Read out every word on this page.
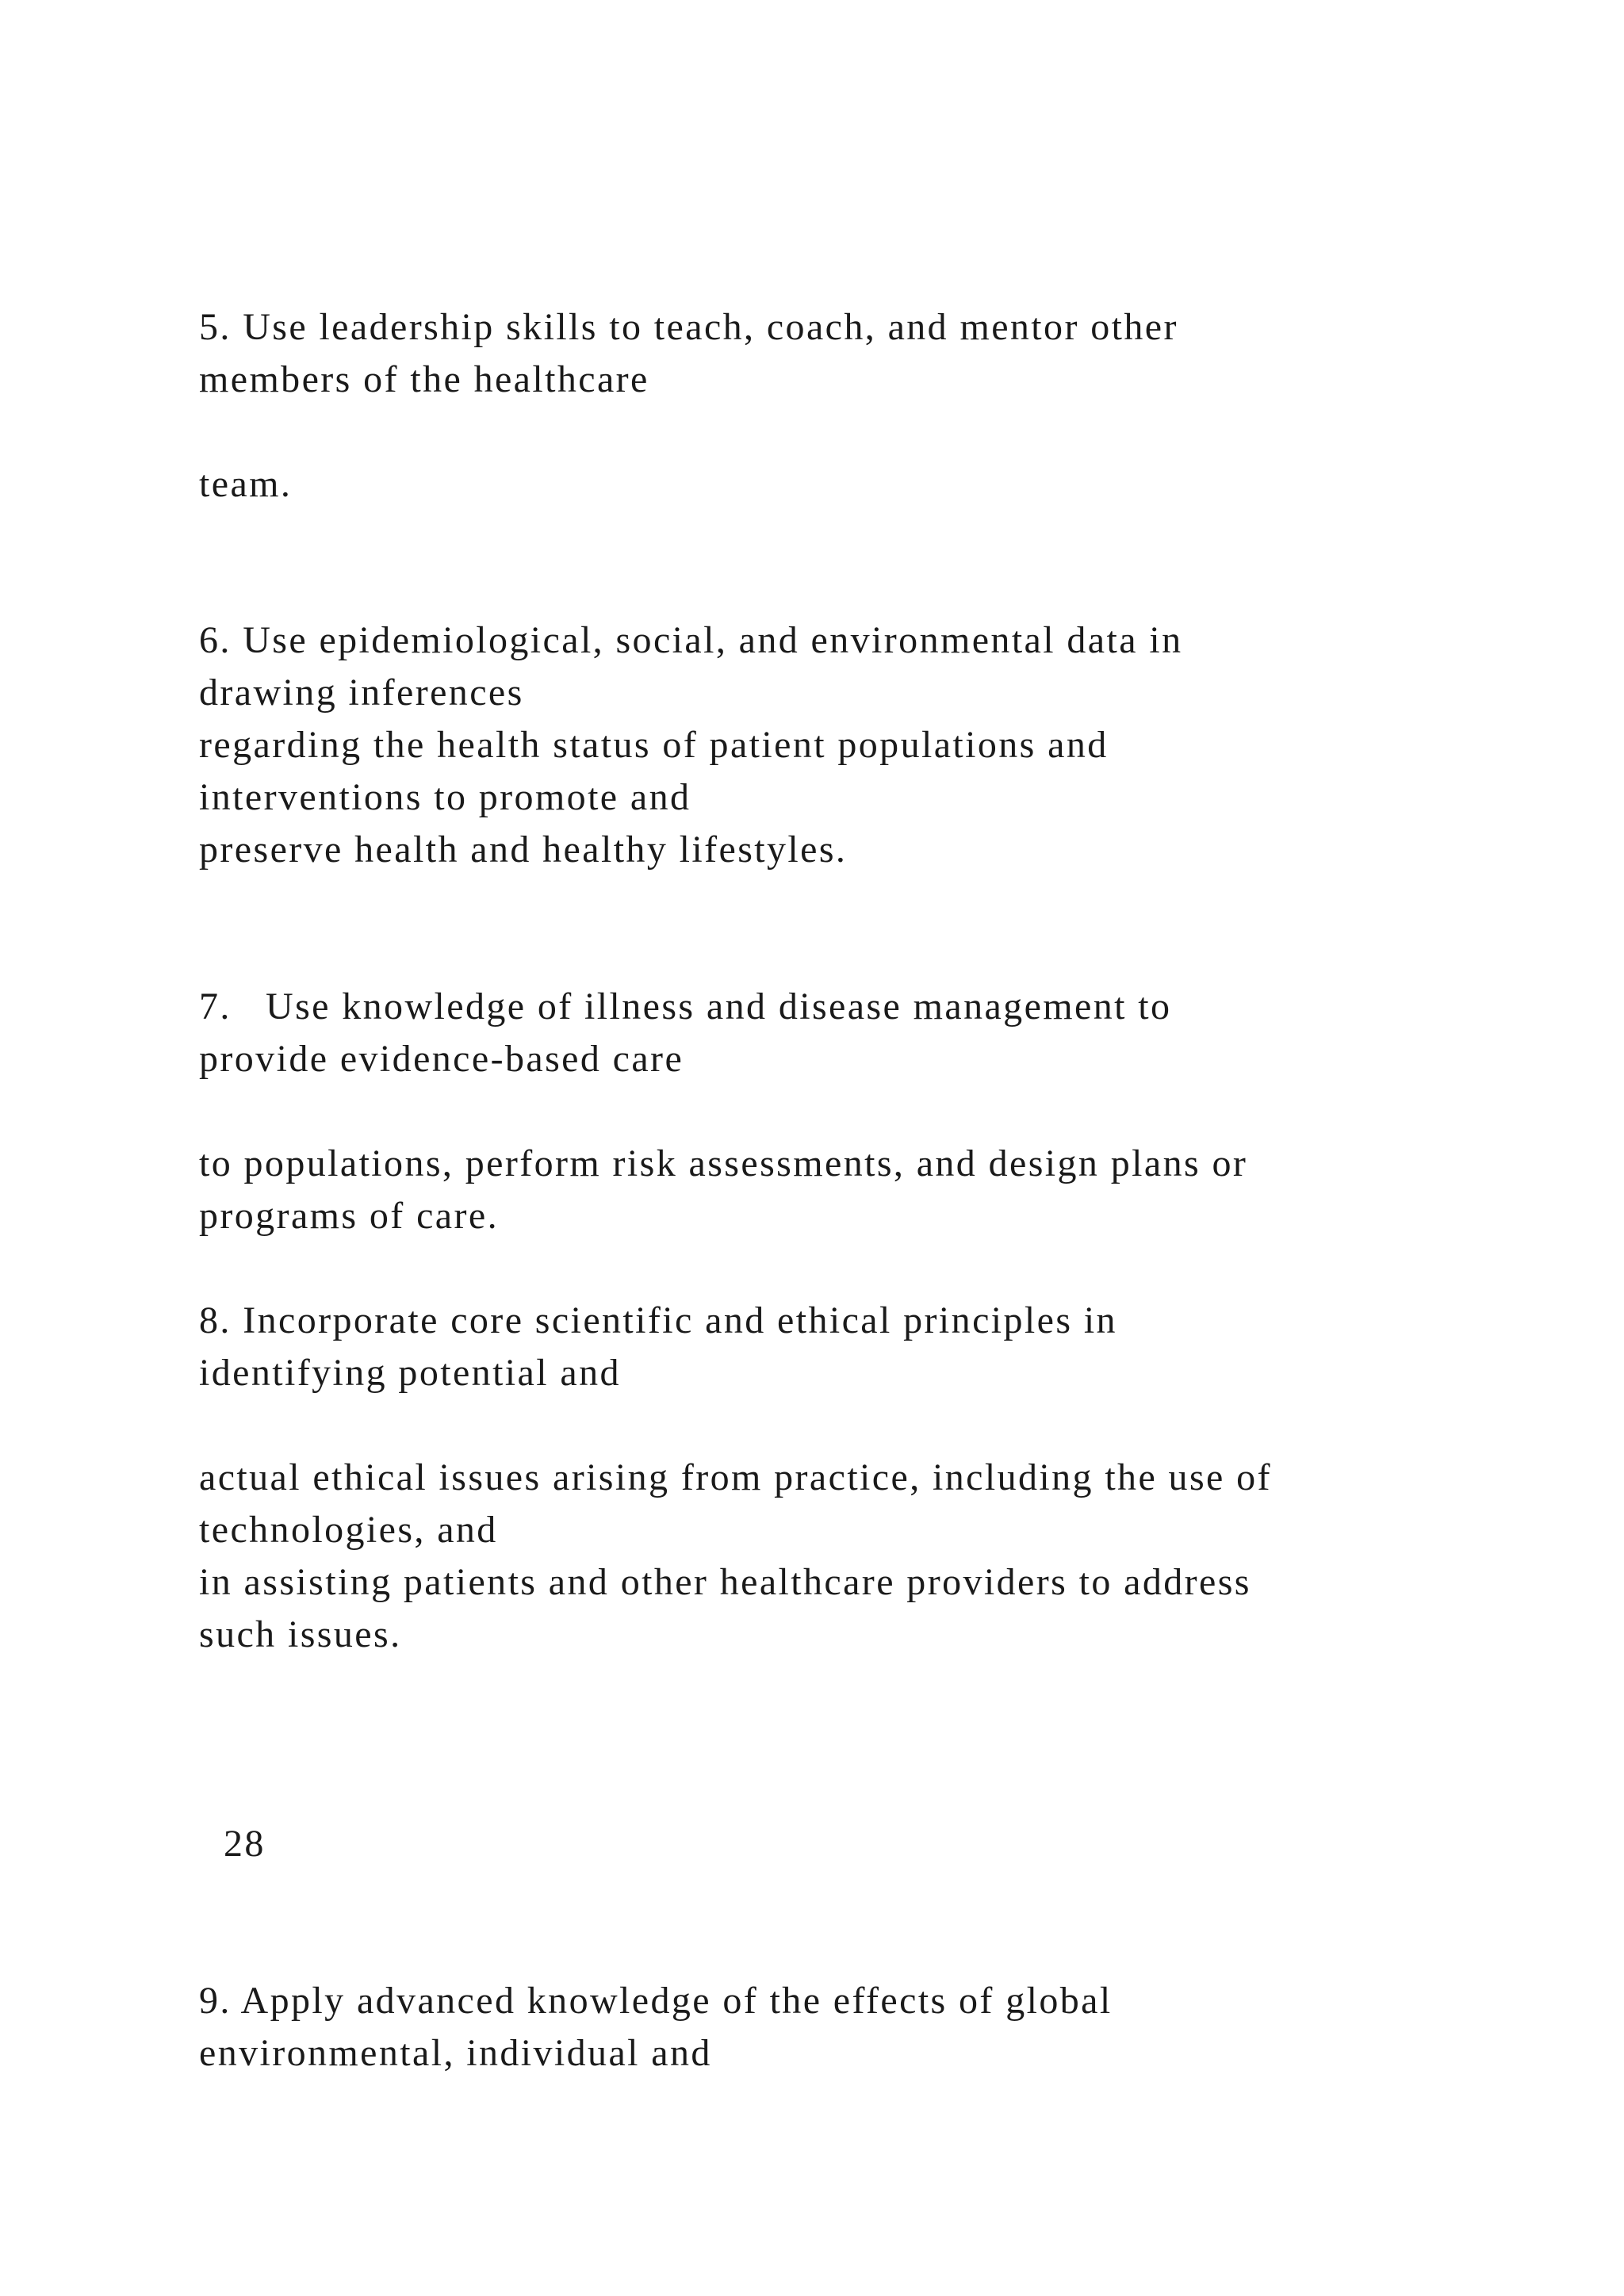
5. Use leadership skills to teach, coach, and mentor other

members of the healthcare

team.

6. Use epidemiological, social, and environmental data in

drawing inferences

regarding the health status of patient populations and

interventions to promote and

preserve health and healthy lifestyles.

7.   Use knowledge of illness and disease management to

provide evidence-based care

to populations, perform risk assessments, and design plans or

programs of care.

8. Incorporate core scientific and ethical principles in

identifying potential and

actual ethical issues arising from practice, including the use of

technologies, and

in assisting patients and other healthcare providers to address

such issues.

28

9. Apply advanced knowledge of the effects of global

environmental, individual and
